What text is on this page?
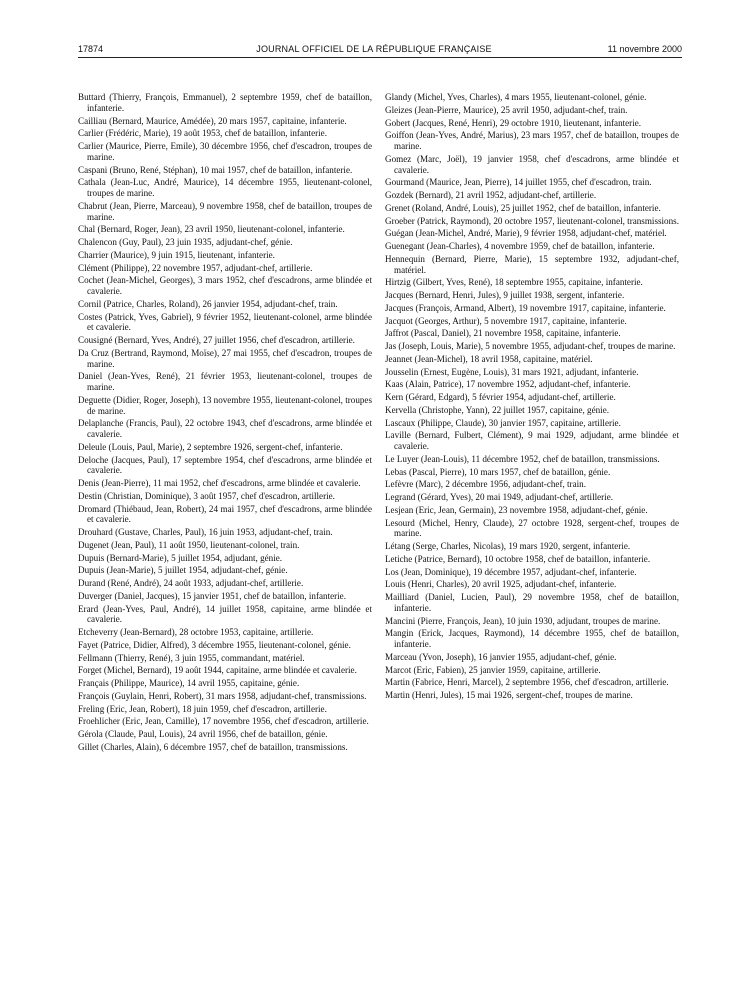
17874	JOURNAL OFFICIEL DE LA RÉPUBLIQUE FRANÇAISE	11 novembre 2000

Buttard (Thierry, François, Emmanuel), 2 septembre 1959, chef de bataillon, infanterie.

Cailliau (Bernard, Maurice, Amédée), 20 mars 1957, capitaine, infanterie.

Carlier (Frédéric, Marie), 19 août 1953, chef de bataillon, infanterie.

Carlier (Maurice, Pierre, Emile), 30 décembre 1956, chef d'escadron, troupes de marine.

Caspani (Bruno, René, Stéphan), 10 mai 1957, chef de bataillon, infanterie.

Cathala (Jean-Luc, André, Maurice), 14 décembre 1955, lieutenant-colonel, troupes de marine.

Chabrut (Jean, Pierre, Marceau), 9 novembre 1958, chef de bataillon, troupes de marine.

Chal (Bernard, Roger, Jean), 23 avril 1950, lieutenant-colonel, infanterie.

Chalencon (Guy, Paul), 23 juin 1935, adjudant-chef, génie.

Charrier (Maurice), 9 juin 1915, lieutenant, infanterie.

Clément (Philippe), 22 novembre 1957, adjudant-chef, artillerie.

Cochet (Jean-Michel, Georges), 3 mars 1952, chef d'escadrons, arme blindée et cavalerie.

Cornil (Patrice, Charles, Roland), 26 janvier 1954, adjudant-chef, train.

Costes (Patrick, Yves, Gabriel), 9 février 1952, lieutenant-colonel, arme blindée et cavalerie.

Cousigné (Bernard, Yves, André), 27 juillet 1956, chef d'escadron, artillerie.

Da Cruz (Bertrand, Raymond, Moïse), 27 mai 1955, chef d'escadron, troupes de marine.

Daniel (Jean-Yves, René), 21 février 1953, lieutenant-colonel, troupes de marine.

Deguette (Didier, Roger, Joseph), 13 novembre 1955, lieutenant-colonel, troupes de marine.

Delaplanche (Francis, Paul), 22 octobre 1943, chef d'escadrons, arme blindée et cavalerie.

Deleule (Louis, Paul, Marie), 2 septembre 1926, sergent-chef, infanterie.

Deloche (Jacques, Paul), 17 septembre 1954, chef d'escadrons, arme blindée et cavalerie.

Denis (Jean-Pierre), 11 mai 1952, chef d'escadrons, arme blindée et cavalerie.

Destin (Christian, Dominique), 3 août 1957, chef d'escadron, artillerie.

Dromard (Thiébaud, Jean, Robert), 24 mai 1957, chef d'escadrons, arme blindée et cavalerie.

Drouhard (Gustave, Charles, Paul), 16 juin 1953, adjudant-chef, train.

Dugenet (Jean, Paul), 11 août 1950, lieutenant-colonel, train.

Dupuis (Bernard-Marie), 5 juillet 1954, adjudant, génie.

Dupuis (Jean-Marie), 5 juillet 1954, adjudant-chef, génie.

Durand (René, André), 24 août 1933, adjudant-chef, artillerie.

Duverger (Daniel, Jacques), 15 janvier 1951, chef de bataillon, infanterie.

Erard (Jean-Yves, Paul, André), 14 juillet 1958, capitaine, arme blindée et cavalerie.

Etcheverry (Jean-Bernard), 28 octobre 1953, capitaine, artillerie.

Fayet (Patrice, Didier, Alfred), 3 décembre 1955, lieutenant-colonel, génie.

Fellmann (Thierry, René), 3 juin 1955, commandant, matériel.

Forget (Michel, Bernard), 19 août 1944, capitaine, arme blindée et cavalerie.

Français (Philippe, Maurice), 14 avril 1955, capitaine, génie.

François (Guylain, Henri, Robert), 31 mars 1958, adjudant-chef, transmissions.

Freling (Eric, Jean, Robert), 18 juin 1959, chef d'escadron, artillerie.

Froehlicher (Eric, Jean, Camille), 17 novembre 1956, chef d'escadron, artillerie.

Gérola (Claude, Paul, Louis), 24 avril 1956, chef de bataillon, génie.

Gillet (Charles, Alain), 6 décembre 1957, chef de bataillon, transmissions.

Glandy (Michel, Yves, Charles), 4 mars 1955, lieutenant-colonel, génie.

Gleizes (Jean-Pierre, Maurice), 25 avril 1950, adjudant-chef, train.

Gobert (Jacques, René, Henri), 29 octobre 1910, lieutenant, infanterie.

Goiffon (Jean-Yves, André, Marius), 23 mars 1957, chef de bataillon, troupes de marine.

Gomez (Marc, Joël), 19 janvier 1958, chef d'escadrons, arme blindée et cavalerie.

Gourmand (Maurice, Jean, Pierre), 14 juillet 1955, chef d'escadron, train.

Gozdek (Bernard), 21 avril 1952, adjudant-chef, artillerie.

Grenet (Roland, André, Louis), 25 juillet 1952, chef de bataillon, infanterie.

Groeber (Patrick, Raymond), 20 octobre 1957, lieutenant-colonel, transmissions.

Guégan (Jean-Michel, André, Marie), 9 février 1958, adjudant-chef, matériel.

Guenegant (Jean-Charles), 4 novembre 1959, chef de bataillon, infanterie.

Hennequin (Bernard, Pierre, Marie), 15 septembre 1932, adjudant-chef, matériel.

Hirtzig (Gilbert, Yves, René), 18 septembre 1955, capitaine, infanterie.

Jacques (Bernard, Henri, Jules), 9 juillet 1938, sergent, infanterie.

Jacques (François, Armand, Albert), 19 novembre 1917, capitaine, infanterie.

Jacquot (Georges, Arthur), 5 novembre 1917, capitaine, infanterie.

Jaffrot (Pascal, Daniel), 21 novembre 1958, capitaine, infanterie.

Jas (Joseph, Louis, Marie), 5 novembre 1955, adjudant-chef, troupes de marine.

Jeannet (Jean-Michel), 18 avril 1958, capitaine, matériel.

Jousselin (Ernest, Eugène, Louis), 31 mars 1921, adjudant, infanterie.

Kaas (Alain, Patrice), 17 novembre 1952, adjudant-chef, infanterie.

Kern (Gérard, Edgard), 5 février 1954, adjudant-chef, artillerie.

Kervella (Christophe, Yann), 22 juillet 1957, capitaine, génie.

Lascaux (Philippe, Claude), 30 janvier 1957, capitaine, artillerie.

Laville (Bernard, Fulbert, Clément), 9 mai 1929, adjudant, arme blindée et cavalerie.

Le Luyer (Jean-Louis), 11 décembre 1952, chef de bataillon, transmissions.

Lebas (Pascal, Pierre), 10 mars 1957, chef de bataillon, génie.

Lefèvre (Marc), 2 décembre 1956, adjudant-chef, train.

Legrand (Gérard, Yves), 20 mai 1949, adjudant-chef, artillerie.

Lesjean (Eric, Jean, Germain), 23 novembre 1958, adjudant-chef, génie.

Lesourd (Michel, Henry, Claude), 27 octobre 1928, sergent-chef, troupes de marine.

Létang (Serge, Charles, Nicolas), 19 mars 1920, sergent, infanterie.

Letiche (Patrice, Bernard), 10 octobre 1958, chef de bataillon, infanterie.

Los (Jean, Dominique), 19 décembre 1957, adjudant-chef, infanterie.

Louis (Henri, Charles), 20 avril 1925, adjudant-chef, infanterie.

Mailliard (Daniel, Lucien, Paul), 29 novembre 1958, chef de bataillon, infanterie.

Mancini (Pierre, François, Jean), 10 juin 1930, adjudant, troupes de marine.

Mangin (Erick, Jacques, Raymond), 14 décembre 1955, chef de bataillon, infanterie.

Marceau (Yvon, Joseph), 16 janvier 1955, adjudant-chef, génie.

Marcot (Eric, Fabien), 25 janvier 1959, capitaine, artillerie.

Martin (Fabrice, Henri, Marcel), 2 septembre 1956, chef d'escadron, artillerie.

Martin (Henri, Jules), 15 mai 1926, sergent-chef, troupes de marine.
